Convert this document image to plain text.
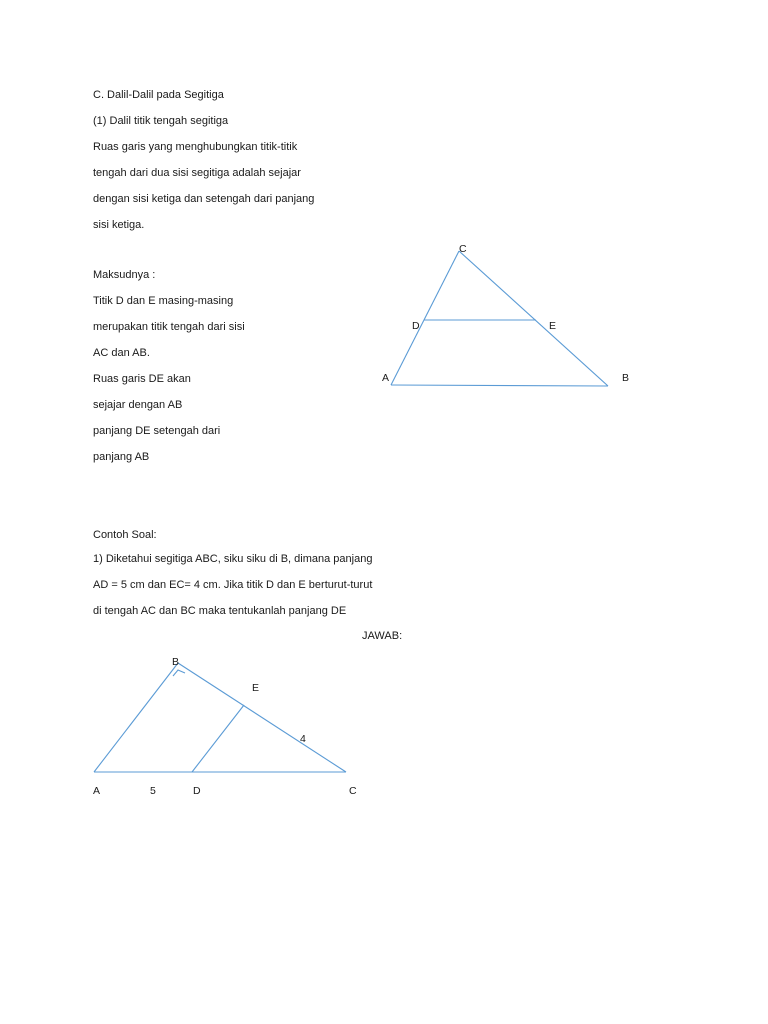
C. Dalil-Dalil pada Segitiga
(1) Dalil titik tengah segitiga
Ruas garis yang menghubungkan titik-titik
tengah dari dua sisi segitiga adalah sejajar
dengan sisi ketiga dan setengah dari panjang
sisi ketiga.
Maksudnya :
Titik D dan E masing-masing
merupakan titik tengah dari sisi
AC dan AB.
Ruas garis DE akan
sejajar dengan AB
panjang DE setengah dari
panjang AB
C
D	E
A	B
Contoh Soal:
1) Diketahui segitiga ABC, siku siku di B, dimana panjang
AD = 5 cm dan EC= 4 cm. Jika titik D dan E berturut-turut
di tengah AC dan BC maka tentukanlah panjang DE
JAWAB:
B
E
4
A	5	D	C
